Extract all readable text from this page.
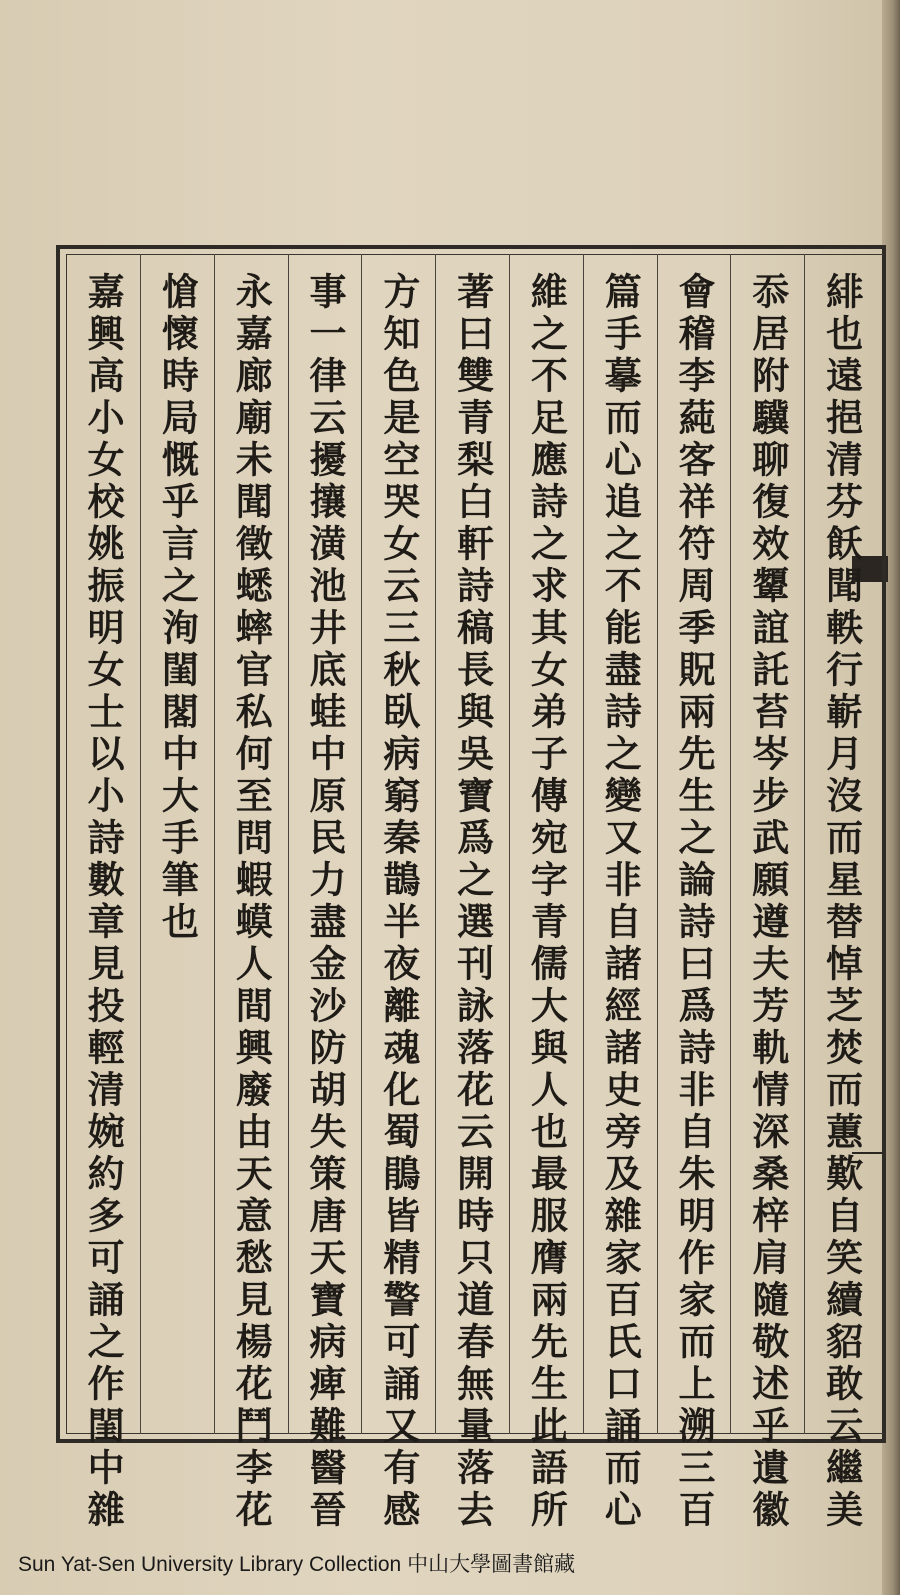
緋也遠挹清芬飫聞軼行嶄月沒而星替悼芝焚而蕙歎自笑續貂敢云繼美
忝居附驥聊復效顰誼託苔岑步武願遵夫芳軌情深桑梓肩隨敬述乎遺徽
會稽李蒓客祥符周季貺兩先生之論詩曰爲詩非自朱明作家而上溯三百
篇手摹而心追之不能盡詩之變又非自諸經諸史旁及雜家百氏口誦而心
維之不足應詩之求其女弟子傳宛字青儒大與人也最服膺兩先生此語所
著曰雙青梨白軒詩稿長與吳寶爲之選刊詠落花云開時只道春無量落去
方知色是空哭女云三秋臥病窮秦鵲半夜離魂化蜀鵑皆精警可誦又有感
事一律云擾攘潢池井底蛙中原民力盡金沙防胡失策唐天寶病痺難醫晉
永嘉廊廟未聞徵蟋蟀官私何至問蝦蟆人間興廢由天意愁見楊花鬥李花
愴懷時局慨乎言之洵閨閣中大手筆也
嘉興高小女校姚振明女士以小詩數章見投輕清婉約多可誦之作閨中雜
Sun Yat-Sen University Library Collection 中山大學圖書館藏
